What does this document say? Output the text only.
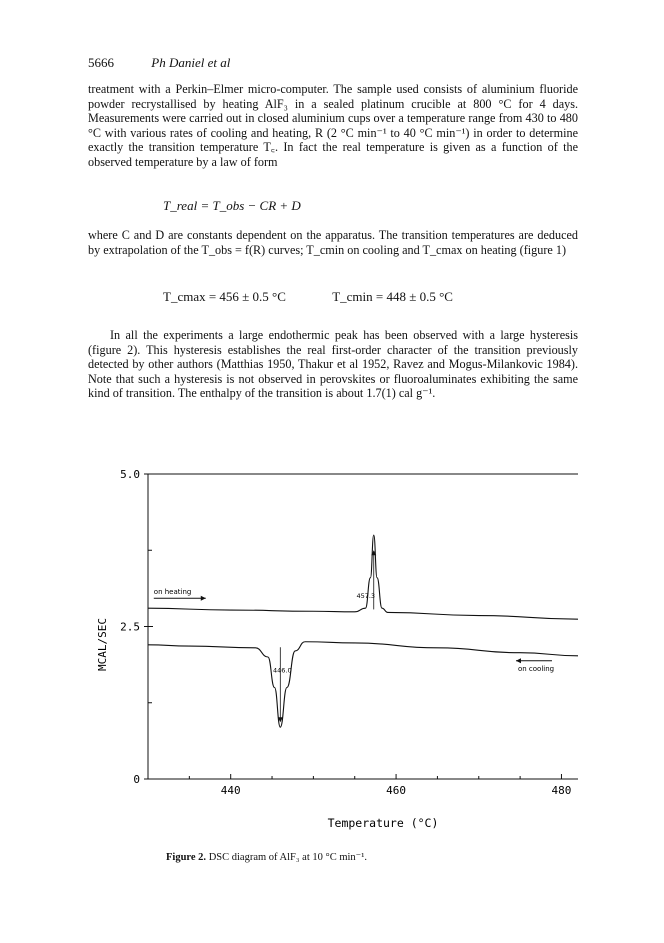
5666	Ph Daniel et al

treatment with a Perkin–Elmer micro-computer. The sample used consists of aluminium fluoride powder recrystallised by heating AlF₃ in a sealed platinum crucible at 800 °C for 4 days. Measurements were carried out in closed aluminium cups over a temperature range from 430 to 480 °C with various rates of cooling and heating, R (2 °C min⁻¹ to 40 °C min⁻¹) in order to determine exactly the transition temperature T꜀. In fact the real temperature is given as a function of the observed temperature by a law of form

T_real = T_obs − CR + D

where C and D are constants dependent on the apparatus. The transition temperatures are deduced by extrapolation of the T_obs = f(R) curves; T_cmin on cooling and T_cmax on heating (figure 1)

T_cmax = 456 ± 0.5 °C	T_cmin = 448 ± 0.5 °C

In all the experiments a large endothermic peak has been observed with a large hysteresis (figure 2). This hysteresis establishes the real first-order character of the transition previously detected by other authors (Matthias 1950, Thakur et al 1952, Ravez and Mogus-Milankovic 1984). Note that such a hysteresis is not observed in perovskites or fluoroaluminates exhibiting the same kind of transition. The enthalpy of the transition is about 1.7(1) cal g⁻¹.

440	460	480
0
2.5
5.0
Temperature (°C)
MCAL/SEC
on heating
on cooling
457.3
446.0
Figure 2. DSC diagram of AlF₃ at 10 °C min⁻¹.
